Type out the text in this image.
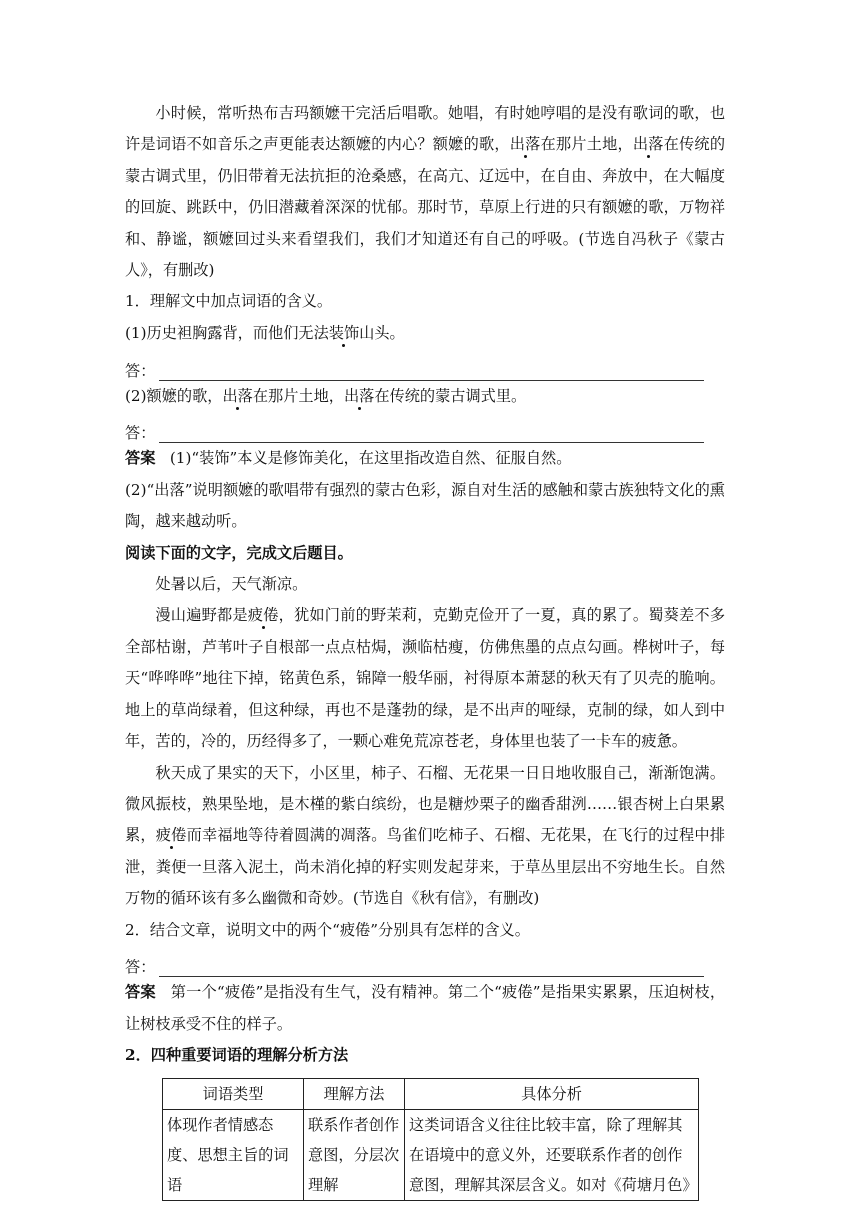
小时候，常听热布吉玛额嬷干完活后唱歌。她唱，有时她哼唱的是没有歌词的歌，也许是词语不如音乐之声更能表达额嬷的内心？额嬷的歌，出落在那片土地，出落在传统的蒙古调式里，仍旧带着无法抗拒的沧桑感，在高亢、辽远中，在自由、奔放中，在大幅度的回旋、跳跃中，仍旧潜藏着深深的忧郁。那时节，草原上行进的只有额嬷的歌，万物祥和、静谧，额嬷回过头来看望我们，我们才知道还有自己的呼吸。(节选自冯秋子《蒙古人》，有删改)

1．理解文中加点词语的含义。

(1)历史袒胸露背，而他们无法装饰山头。

答：

(2)额嬷的歌，出落在那片土地，出落在传统的蒙古调式里。

答：

答案 (1)“装饰”本义是修饰美化，在这里指改造自然、征服自然。

(2)“出落”说明额嬷的歌唱带有强烈的蒙古色彩，源自对生活的感触和蒙古族独特文化的熏陶，越来越动听。

阅读下面的文字，完成文后题目。

处暑以后，天气渐凉。

漫山遍野都是疲倦，犹如门前的野茉莉，克勤克俭开了一夏，真的累了。蜀葵差不多全部枯谢，芦苇叶子自根部一点点枯焗，濒临枯瘦，仿佛焦墨的点点勾画。桦树叶子，每天“哗哗哗”地往下掉，铭黄色系，锦障一般华丽，衬得原本萧瑟的秋天有了贝壳的脆响。地上的草尚绿着，但这种绿，再也不是蓬勃的绿，是不出声的哑绿，克制的绿，如人到中年，苦的，冷的，历经得多了，一颗心难免荒凉苍老，身体里也装了一卡车的疲惫。

秋天成了果实的天下，小区里，柿子、石榴、无花果一日日地收服自己，渐渐饱满。微风振枝，熟果坠地，是木槿的紫白缤纷，也是糖炒栗子的幽香甜洌……银杏树上白果累累，疲倦而幸福地等待着圆满的凋落。鸟雀们吃柿子、石榴、无花果，在飞行的过程中排泄，粪便一旦落入泥土，尚未消化掉的籽实则发起芽来，于草丛里层出不穷地生长。自然万物的循环该有多么幽微和奇妙。(节选自《秋有信》，有删改)

2．结合文章，说明文中的两个“疲倦”分别具有怎样的含义。

答：

答案 第一个“疲倦”是指没有生气，没有精神。第二个“疲倦”是指果实累累，压迫树枝，让树枝承受不住的样子。

2．四种重要词语的理解分析方法

词语类型	理解方法	具体分析
体现作者情感态度、思想主旨的词语	联系作者创作意图，分层次理解	这类词语含义往往比较丰富，除了理解其在语境中的意义外，还要联系作者的创作意图，理解其深层含义。如对《荷塘月色》
